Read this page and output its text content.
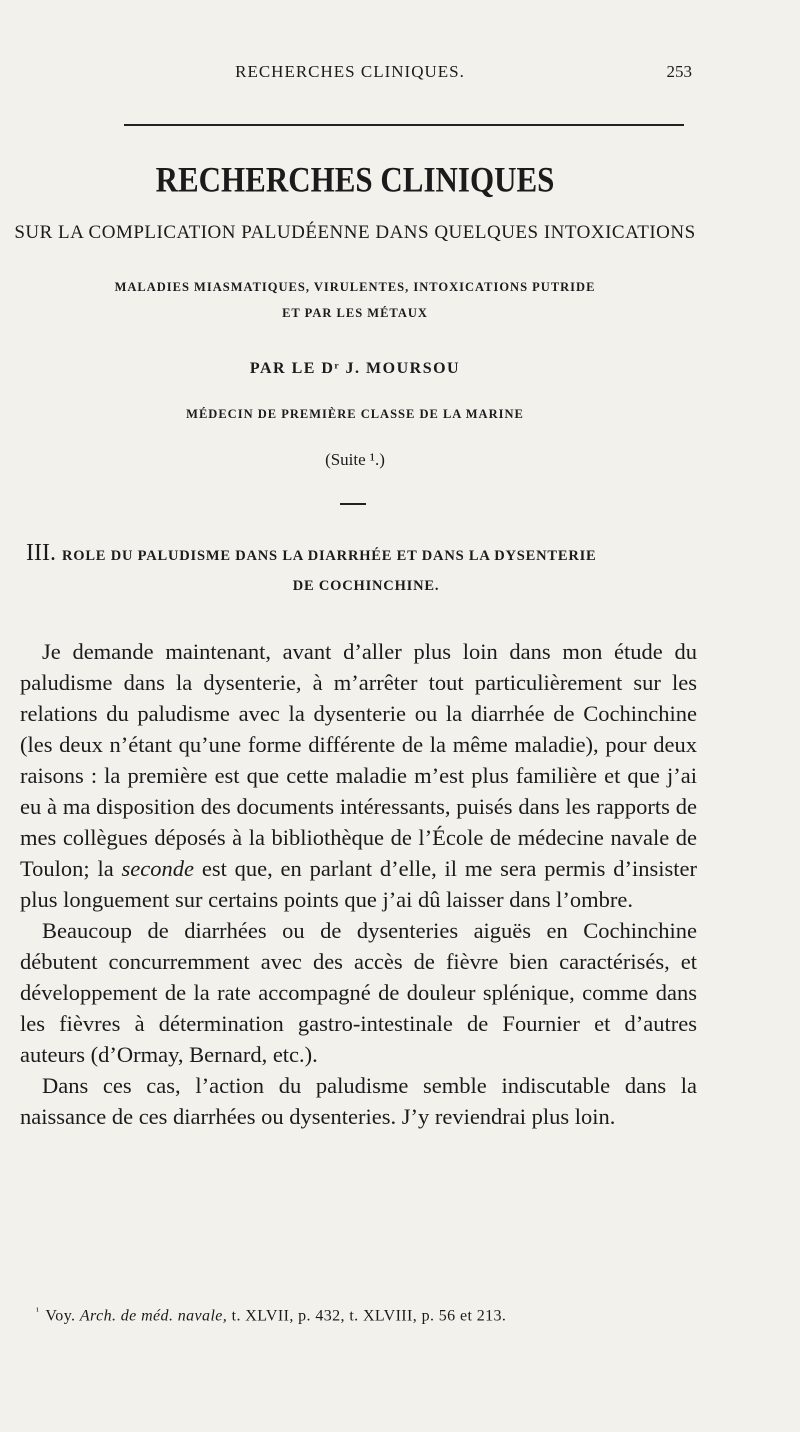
RECHERCHES CLINIQUES.	253
RECHERCHES CLINIQUES
SUR LA COMPLICATION PALUDÉENNE DANS QUELQUES INTOXICATIONS
MALADIES MIASMATIQUES, VIRULENTES, INTOXICATIONS PUTRIDE
ET PAR LES MÉTAUX
PAR LE Dʳ J. MOURSOU
MÉDECIN DE PREMIÈRE CLASSE DE LA MARINE
(Suite ¹.)
III. ROLE DU PALUDISME DANS LA DIARRHÉE ET DANS LA DYSENTERIE
DE COCHINCHINE.

Je demande maintenant, avant d’aller plus loin dans mon étude du paludisme dans la dysenterie, à m’arrêter tout particulièrement sur les relations du paludisme avec la dysenterie ou la diarrhée de Cochinchine (les deux n’étant qu’une forme différente de la même maladie), pour deux raisons : la première est que cette maladie m’est plus familière et que j’ai eu à ma disposition des documents intéressants, puisés dans les rapports de mes collègues déposés à la bibliothèque de l’École de médecine navale de Toulon; la seconde est que, en parlant d’elle, il me sera permis d’insister plus longuement sur certains points que j’ai dû laisser dans l’ombre.

Beaucoup de diarrhées ou de dysenteries aiguës en Cochinchine débutent concurremment avec des accès de fièvre bien caractérisés, et développement de la rate accompagné de douleur splénique, comme dans les fièvres à détermination gastro-intestinale de Fournier et d’autres auteurs (d’Ormay, Bernard, etc.).

Dans ces cas, l’action du paludisme semble indiscutable dans la naissance de ces diarrhées ou dysenteries. J’y reviendrai plus loin.

$^{^1}$ Voy. Arch. de méd. navale, t. XLVII, p. 432, t. XLVIII, p. 56 et 213.
